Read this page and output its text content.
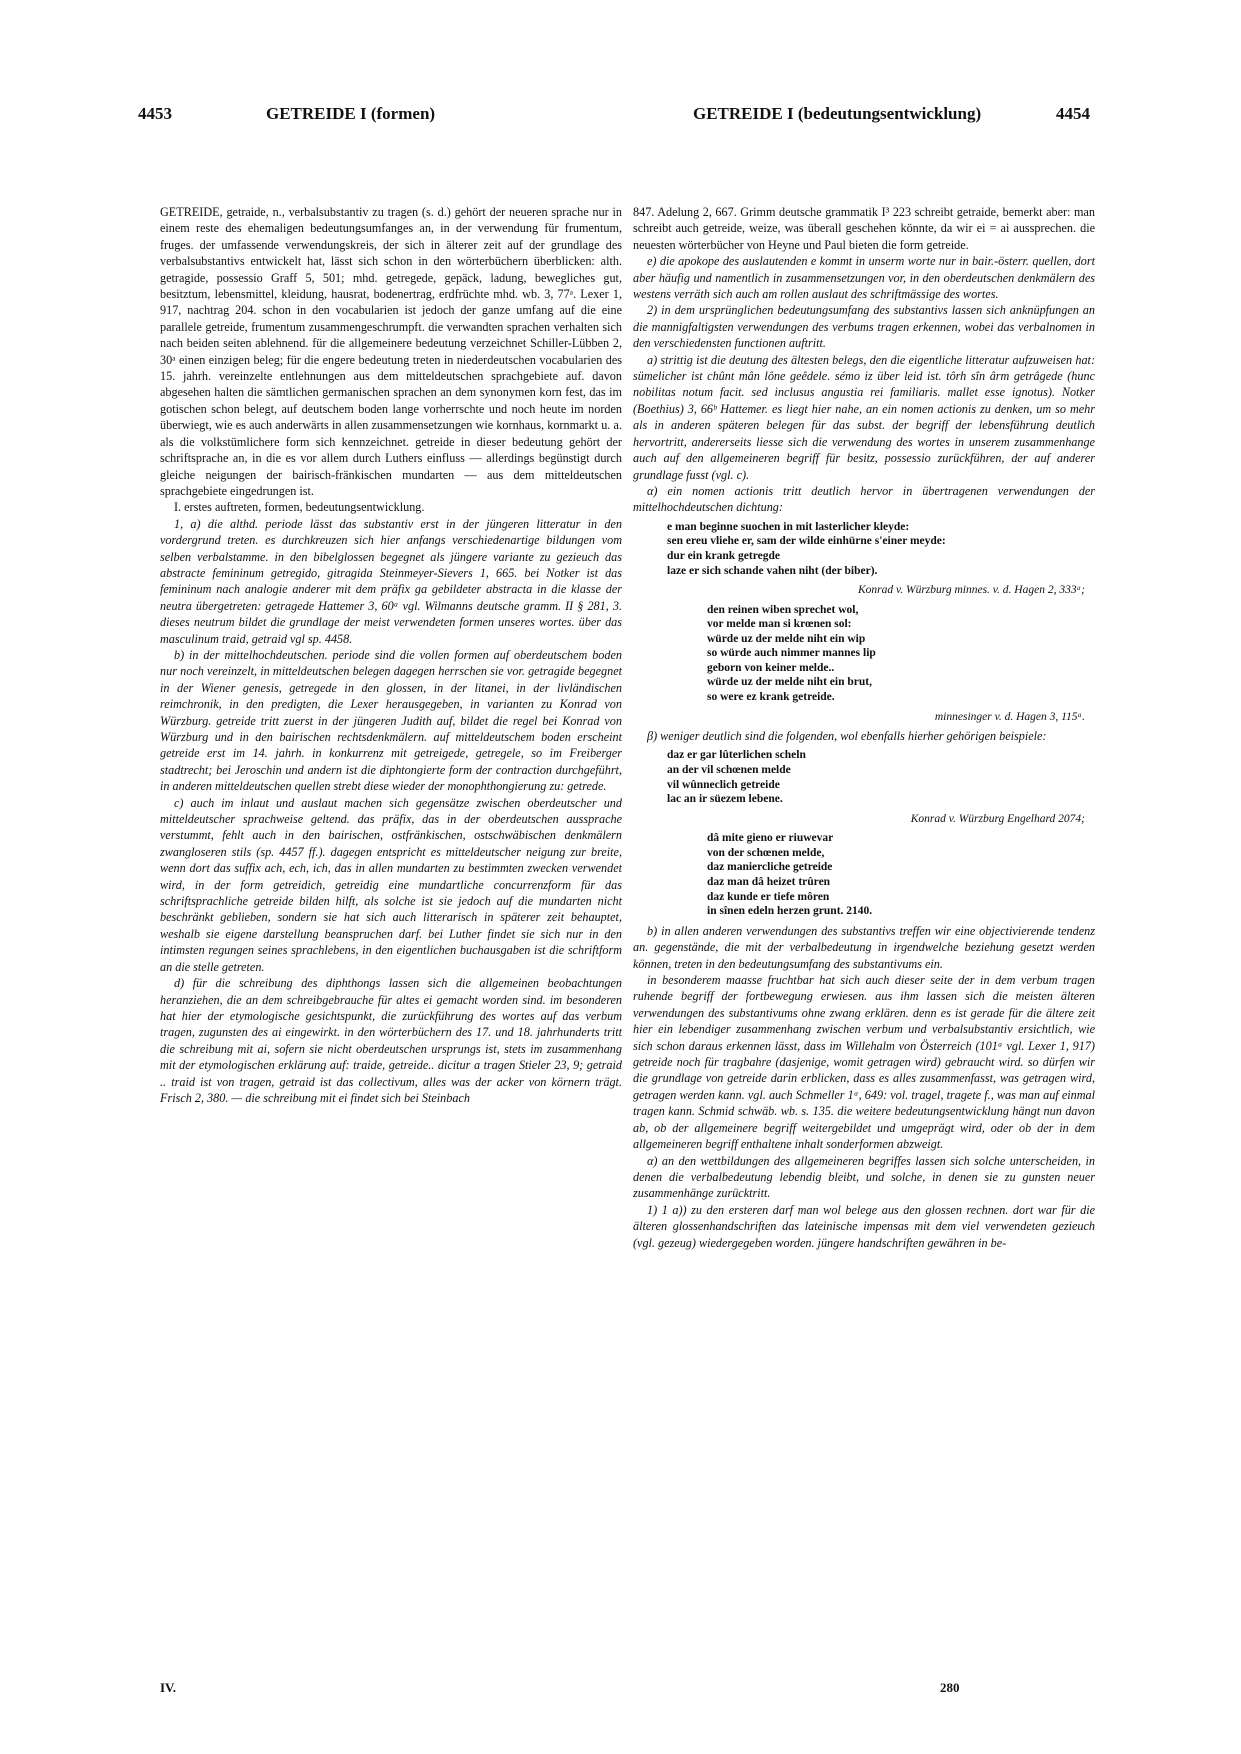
4453	GETREIDE I (formen)	GETREIDE I (bedeutungsentwicklung)	4454

GETREIDE, getraide, n., verbalsubstantiv zu tragen (s. d.) gehört der neueren sprache nur in einem reste des ehemaligen bedeutungsumfanges an, in der verwendung für frumentum, fruges. der umfassende verwendungskreis, der sich in älterer zeit auf der grundlage des verbalsubstantivs entwickelt hat, lässt sich schon in den wörterbüchern überblicken: alth. getragide, possessio Graff 5, 501; mhd. getregede, gepäck, ladung, bewegliches gut, besitztum, lebensmittel, kleidung, hausrat, bodenertrag, erdfrüchte mhd. wb. 3, 77ᵃ. Lexer 1, 917, nachtrag 204. schon in den vocabularien ist jedoch der ganze umfang auf die eine parallele getreide, frumentum zusammengeschrumpft. die verwandten sprachen verhalten sich nach beiden seiten ablehnend. für die allgemeinere bedeutung verzeichnet Schiller-Lübben 2, 30ᵃ einen einzigen beleg; für die engere bedeutung treten in niederdeutschen vocabularien des 15. jahrh. vereinzelte entlehnungen aus dem mitteldeutschen sprachgebiete auf. davon abgesehen halten die sämtlichen germanischen sprachen an dem synonymen korn fest, das im gotischen schon belegt, auf deutschem boden lange vorherrschte und noch heute im norden überwiegt, wie es auch anderwärts in allen zusammensetzungen wie kornhaus, kornmarkt u. a. als die volkstümlichere form sich kennzeichnet. getreide in dieser bedeutung gehört der schriftsprache an, in die es vor allem durch Luthers einfluss — allerdings begünstigt durch gleiche neigungen der bairisch-fränkischen mundarten — aus dem mitteldeutschen sprachgebiete eingedrungen ist.

I. erstes auftreten, formen, bedeutungsentwicklung.

1, a) die althd. periode lässt das substantiv erst in der jüngeren litteratur in den vordergrund treten. es durchkreuzen sich hier anfangs verschiedenartige bildungen vom selben verbalstamme. in den bibelglossen begegnet als jüngere variante zu gezieuch das abstracte femininum getregido, gitragida Steinmeyer-Sievers 1, 665. bei Notker ist das femininum nach analogie anderer mit dem präfix ga gebildeter abstracta in die klasse der neutra übergetreten: getragede Hattemer 3, 60ᵃ vgl. Wilmanns deutsche gramm. II § 281, 3. dieses neutrum bildet die grundlage der meist verwendeten formen unseres wortes. über das masculinum traid, getraid vgl sp. 4458.

b) in der mittelhochdeutschen. periode sind die vollen formen auf oberdeutschem boden nur noch vereinzelt, in mitteldeutschen belegen dagegen herrschen sie vor. getragide begegnet in der Wiener genesis, getregede in den glossen, in der litanei, in der livländischen reimchronik, in den predigten, die Lexer herausgegeben, in varianten zu Konrad von Würzburg. getreide tritt zuerst in der jüngeren Judith auf, bildet die regel bei Konrad von Würzburg und in den bairischen rechtsdenkmälern. auf mitteldeutschem boden erscheint getreide erst im 14. jahrh. in konkurrenz mit getreigede, getregele, so im Freiberger stadtrecht; bei Jeroschin und andern ist die diphtongierte form der contraction durchgeführt, in anderen mitteldeutschen quellen strebt diese wieder der monophthongierung zu: getrede.

c) auch im inlaut und auslaut machen sich gegensätze zwischen oberdeutscher und mitteldeutscher sprachweise geltend. das präfix, das in der oberdeutschen aussprache verstummt, fehlt auch in den bairischen, ostfränkischen, ostschwäbischen denkmälern zwangloseren stils (sp. 4457 ff.). dagegen entspricht es mitteldeutscher neigung zur breite, wenn dort das suffix ach, ech, ich, das in allen mundarten zu bestimmten zwecken verwendet wird, in der form getreidich, getreidig eine mundartliche concurrenzform für das schriftsprachliche getreide bilden hilft, als solche ist sie jedoch auf die mundarten nicht beschränkt geblieben, sondern sie hat sich auch litterarisch in späterer zeit behauptet, weshalb sie eigene darstellung beanspruchen darf. bei Luther findet sie sich nur in den intimsten regungen seines sprachlebens, in den eigentlichen buchausgaben ist die schriftform an die stelle getreten.

d) für die schreibung des diphthongs lassen sich die allgemeinen beobachtungen heranziehen, die an dem schreibgebrauche für altes ei gemacht worden sind. im besonderen hat hier der etymologische gesichtspunkt, die zurückführung des wortes auf das verbum tragen, zugunsten des ai eingewirkt. in den wörterbüchern des 17. und 18. jahrhunderts tritt die schreibung mit ai, sofern sie nicht oberdeutschen ursprungs ist, stets im zusammenhang mit der etymologischen erklärung auf: traide, getreide.. dicitur a tragen Stieler 23, 9; getraid .. traid ist von tragen, getraid ist das collectivum, alles was der acker von körnern trägt. Frisch 2, 380. — die schreibung mit ei findet sich bei Steinbach

847. Adelung 2, 667. Grimm deutsche grammatik I³ 223 schreibt getraide, bemerkt aber: man schreibt auch getreide, weize, was überall geschehen könnte, da wir ei = ai aussprechen. die neuesten wörterbücher von Heyne und Paul bieten die form getreide.

e) die apokope des auslautenden e kommt in unserm worte nur in bair.-österr. quellen, dort aber häufig und namentlich in zusammensetzungen vor, in den oberdeutschen denkmälern des westens verräth sich auch am rollen auslaut des schriftmässige des wortes.

2) in dem ursprünglichen bedeutungsumfang des substantivs lassen sich anknüpfungen an die mannigfaltigsten verwendungen des verbums tragen erkennen, wobei das verbalnomen in den verschiedensten functionen auftritt.

a) strittig ist die deutung des ältesten belegs, den die eigentliche litteratur aufzuweisen hat: sümelicher ist chûnt mân lône geêdele. sémo iz über leid ist. tôrh sîn ârm getrâgede (hunc nobilitas notum facit. sed inclusus angustia rei familiaris. mallet esse ignotus). Notker (Boethius) 3, 66ᵇ Hattemer. es liegt hier nahe, an ein nomen actionis zu denken, um so mehr als in anderen späteren belegen für das subst. der begriff der lebensführung deutlich hervortritt, andererseits liesse sich die verwendung des wortes in unserem zusammenhange auch auf den allgemeineren begriff für besitz, possessio zurückführen, der auf anderer grundlage fusst (vgl. c).

α) ein nomen actionis tritt deutlich hervor in übertragenen verwendungen der mittelhochdeutschen dichtung:

e man beginne suochen in mit lasterlicher kleyde:
sen ereu vliehe er, sam der wilde einhürne s'einer meyde:
dur ein krank getregde
laze er sich schande vahen niht (der biber).
Konrad v. Würzburg minnes. v. d. Hagen 2, 333ᵃ;
den reinen wiben sprechet wol,
vor melde man si krœnen sol:
würde uz der melde niht ein wip
so würde auch nimmer mannes lip
geborn von keiner melde..
würde uz der melde niht ein brut,
so were ez krank getreide.
minnesinger v. d. Hagen 3, 115ᵃ.

β) weniger deutlich sind die folgenden, wol ebenfalls hierher gehörigen beispiele:

daz er gar lûterlichen scheln
an der vil schœnen melde
vil wûnneclich getreide
lac an ir süezem lebene.
Konrad v. Würzburg Engelhard 2074;
dâ mite gieno er riuwevar
von der schœnen melde,
daz maniercliche getreide
daz man dâ heizet trûren
daz kunde er tiefe môren
in sînen edeln herzen grunt. 2140.

b) in allen anderen verwendungen des substantivs treffen wir eine objectivierende tendenz an. gegenstände, die mit der verbalbedeutung in irgendwelche beziehung gesetzt werden können, treten in den bedeutungsumfang des substantivums ein.

in besonderem maasse fruchtbar hat sich auch dieser seite der in dem verbum tragen ruhende begriff der fortbewegung erwiesen. aus ihm lassen sich die meisten älteren verwendungen des substantivums ohne zwang erklären. denn es ist gerade für die ältere zeit hier ein lebendiger zusammenhang zwischen verbum und verbalsubstantiv ersichtlich, wie sich schon daraus erkennen lässt, dass im Willehalm von Österreich (101ᵃ vgl. Lexer 1, 917) getreide noch für tragbahre (dasjenige, womit getragen wird) gebraucht wird. so dürfen wir die grundlage von getreide darin erblicken, dass es alles zusammenfasst, was getragen wird, getragen werden kann. vgl. auch Schmeller 1ᵃ, 649: vol. tragel, tragete f., was man auf einmal tragen kann. Schmid schwäb. wb. s. 135. die weitere bedeutungsentwicklung hängt nun davon ab, ob der allgemeinere begriff weitergebildet und umgeprägt wird, oder ob der in dem allgemeineren begriff enthaltene inhalt sonderformen abzweigt.

α) an den wettbildungen des allgemeineren begriffes lassen sich solche unterscheiden, in denen die verbalbedeutung lebendig bleibt, und solche, in denen sie zu gunsten neuer zusammenhänge zurücktritt.

1) 1 a)) zu den ersteren darf man wol belege aus den glossen rechnen. dort war für die älteren glossenhandschriften das lateinische impensas mit dem viel verwendeten gezieuch (vgl. gezeug) wiedergegeben worden. jüngere handschriften gewähren in be-

IV.	280
